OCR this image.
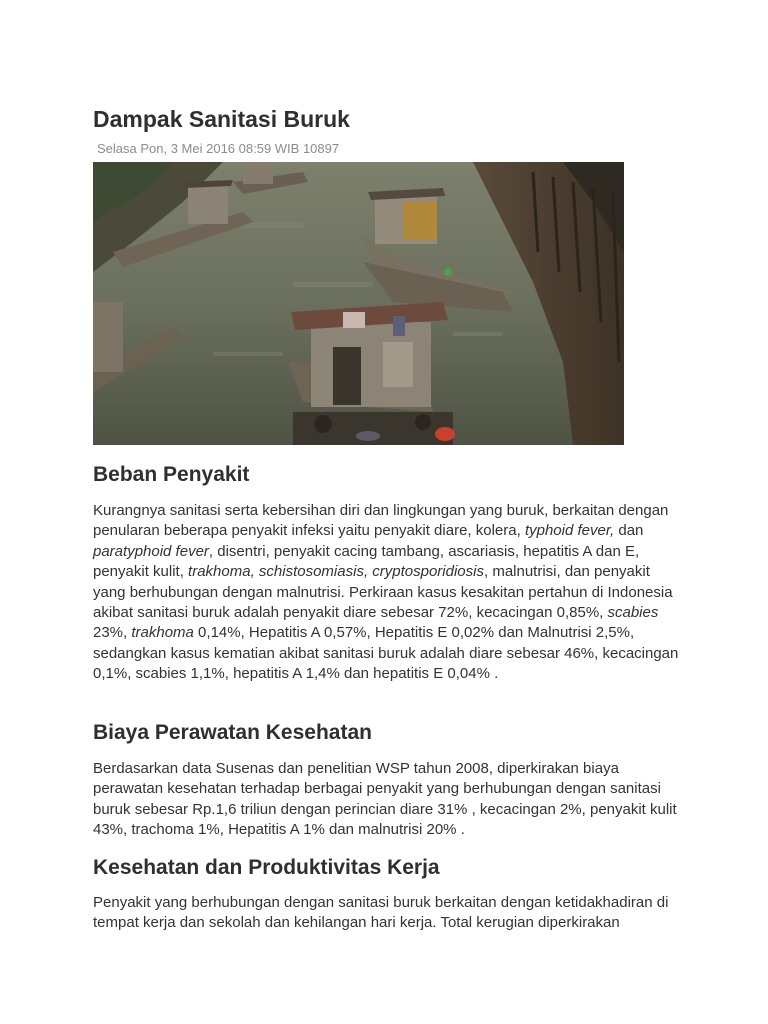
Dampak Sanitasi Buruk
Selasa Pon, 3 Mei 2016 08:59 WIB 10897
Beban Penyakit

Kurangnya sanitasi serta kebersihan diri dan lingkungan yang buruk, berkaitan dengan penularan beberapa penyakit infeksi yaitu penyakit diare, kolera, typhoid fever, dan paratyphoid fever, disentri, penyakit cacing tambang, ascariasis, hepatitis A dan E, penyakit kulit, trakhoma, schistosomiasis, cryptosporidiosis, malnutrisi, dan penyakit yang berhubungan dengan malnutrisi. Perkiraan kasus kesakitan pertahun di Indonesia akibat sanitasi buruk adalah penyakit diare sebesar 72%, kecacingan 0,85%, scabies 23%, trakhoma 0,14%, Hepatitis A 0,57%, Hepatitis E 0,02% dan Malnutrisi 2,5%, sedangkan kasus kematian akibat sanitasi buruk adalah diare sebesar 46%, kecacingan 0,1%, scabies 1,1%, hepatitis A 1,4% dan hepatitis E 0,04% .

Biaya Perawatan Kesehatan

Berdasarkan data Susenas dan penelitian WSP tahun 2008, diperkirakan biaya perawatan kesehatan terhadap berbagai penyakit yang berhubungan dengan sanitasi buruk sebesar Rp.1,6 triliun dengan perincian diare 31% , kecacingan 2%, penyakit kulit 43%, trachoma 1%, Hepatitis A 1% dan malnutrisi 20% .

Kesehatan dan Produktivitas Kerja

Penyakit yang berhubungan dengan sanitasi buruk berkaitan dengan ketidakhadiran di tempat kerja dan sekolah dan kehilangan hari kerja. Total kerugian diperkirakan
